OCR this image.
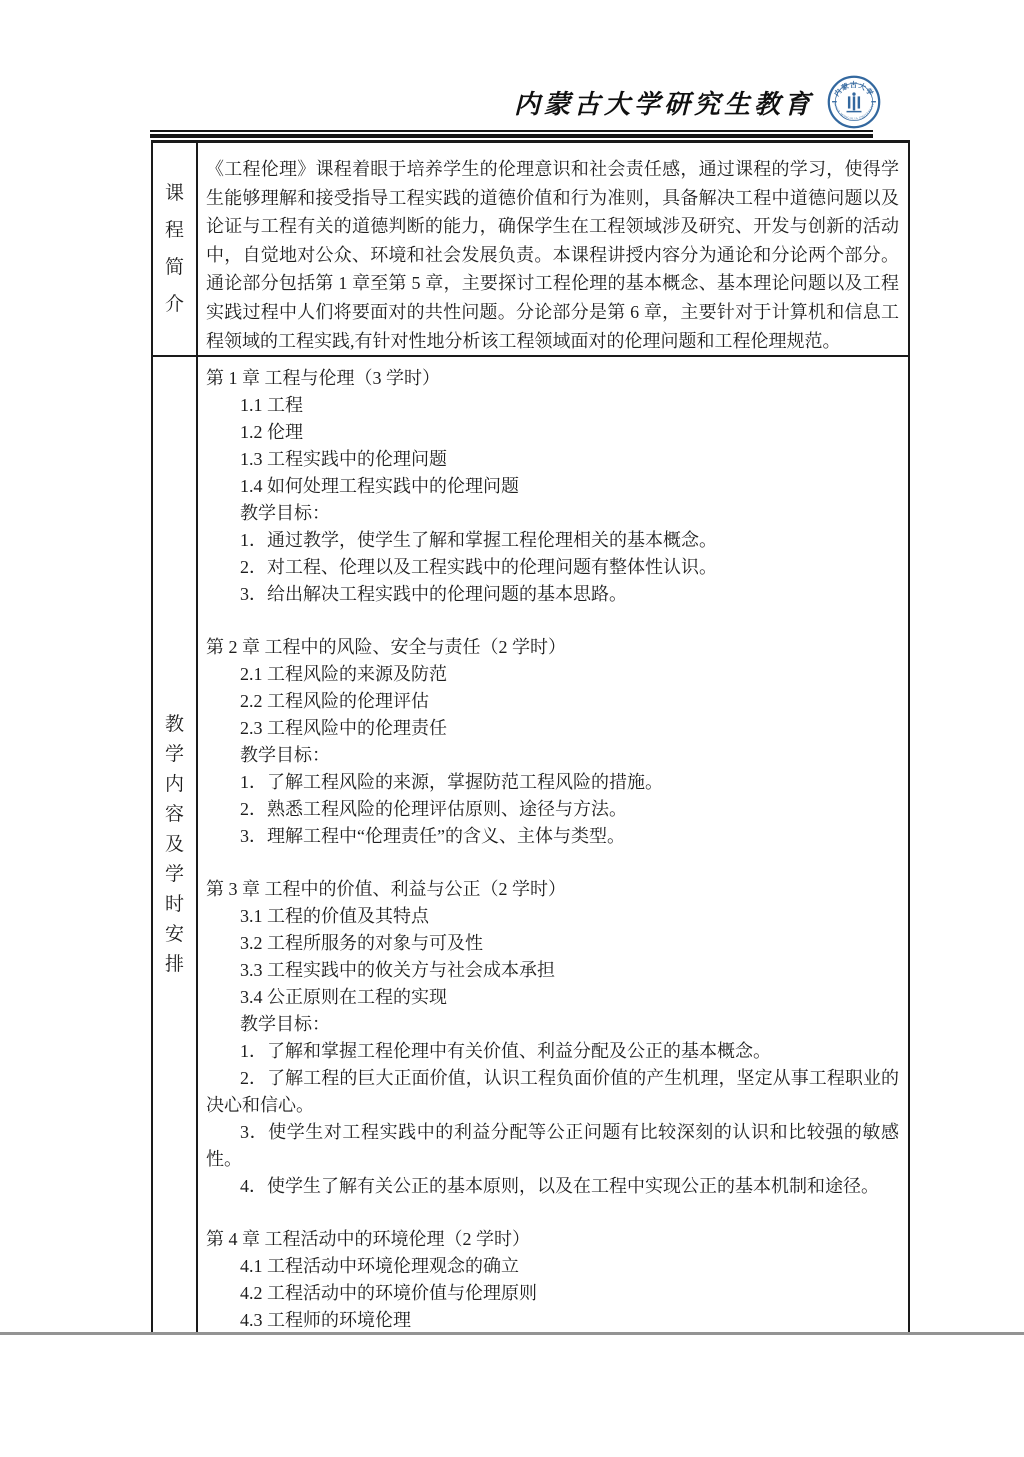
内蒙古大学研究生教育	内蒙古大学
INNER MONGOLIA UNIVERSITY
课
程
简
介

《工程伦理》课程着眼于培养学生的伦理意识和社会责任感，通过课程的学习，使得学生能够理解和接受指导工程实践的道德价值和行为准则，具备解决工程中道德问题以及论证与工程有关的道德判断的能力，确保学生在工程领域涉及研究、开发与创新的活动中，自觉地对公众、环境和社会发展负责。本课程讲授内容分为通论和分论两个部分。通论部分包括第 1 章至第 5 章，主要探讨工程伦理的基本概念、基本理论问题以及工程实践过程中人们将要面对的共性问题。分论部分是第 6 章，主要针对于计算机和信息工程领域的工程实践,有针对性地分析该工程领域面对的伦理问题和工程伦理规范。

教
学
内
容
及
学
时
安
排
第 1 章 工程与伦理（3 学时）
1.1 工程
1.2 伦理
1.3 工程实践中的伦理问题
1.4 如何处理工程实践中的伦理问题
教学目标：
1．通过教学，使学生了解和掌握工程伦理相关的基本概念。
2．对工程、伦理以及工程实践中的伦理问题有整体性认识。
3．给出解决工程实践中的伦理问题的基本思路。
第 2 章 工程中的风险、安全与责任（2 学时）
2.1 工程风险的来源及防范
2.2 工程风险的伦理评估
2.3 工程风险中的伦理责任
教学目标：
1．了解工程风险的来源，掌握防范工程风险的措施。
2．熟悉工程风险的伦理评估原则、途径与方法。
3．理解工程中“伦理责任”的含义、主体与类型。
第 3 章 工程中的价值、利益与公正（2 学时）
3.1 工程的价值及其特点
3.2 工程所服务的对象与可及性
3.3 工程实践中的攸关方与社会成本承担
3.4 公正原则在工程的实现
教学目标：
1．了解和掌握工程伦理中有关价值、利益分配及公正的基本概念。
2．了解工程的巨大正面价值，认识工程负面价值的产生机理，坚定从事工程职业的决心和信心。
3．使学生对工程实践中的利益分配等公正问题有比较深刻的认识和比较强的敏感性。
4．使学生了解有关公正的基本原则，以及在工程中实现公正的基本机制和途径。
第 4 章 工程活动中的环境伦理（2 学时）
4.1 工程活动中环境伦理观念的确立
4.2 工程活动中的环境价值与伦理原则
4.3 工程师的环境伦理
